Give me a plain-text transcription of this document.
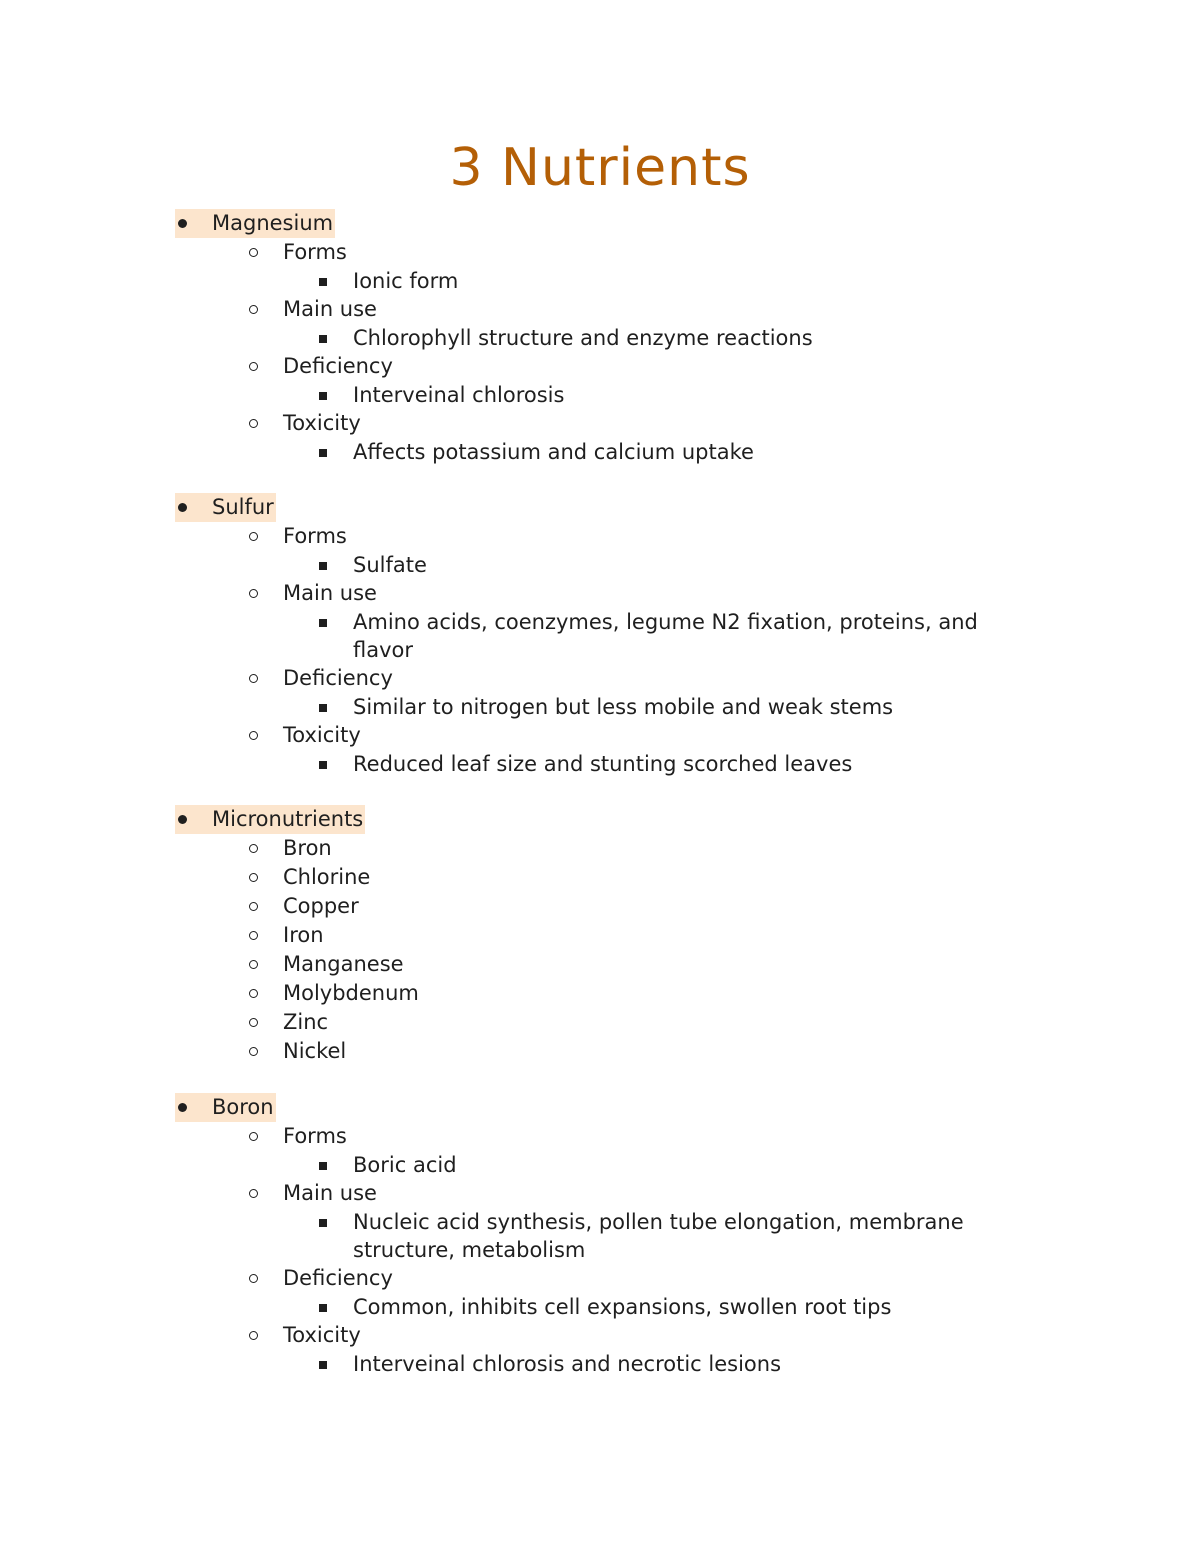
3 Nutrients
Magnesium
Forms
Ionic form
Main use
Chlorophyll structure and enzyme reactions
Deficiency
Interveinal chlorosis
Toxicity
Affects potassium and calcium uptake
Sulfur
Forms
Sulfate
Main use
Amino acids, coenzymes, legume N2 fixation, proteins, and flavor
Deficiency
Similar to nitrogen but less mobile and weak stems
Toxicity
Reduced leaf size and stunting scorched leaves
Micronutrients
Bron
Chlorine
Copper
Iron
Manganese
Molybdenum
Zinc
Nickel
Boron
Forms
Boric acid
Main use
Nucleic acid synthesis, pollen tube elongation, membrane structure, metabolism
Deficiency
Common, inhibits cell expansions, swollen root tips
Toxicity
Interveinal chlorosis and necrotic lesions
